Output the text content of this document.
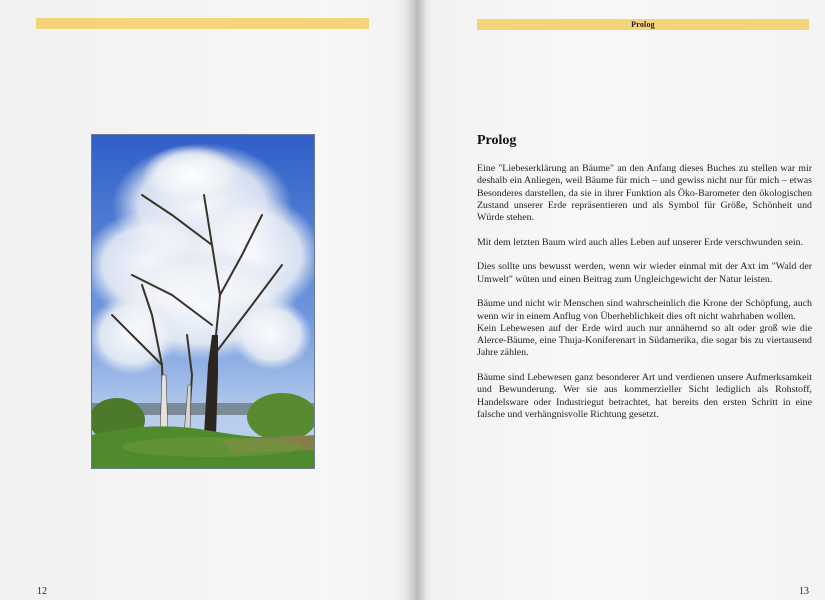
12
Prolog
Prolog

Eine "Liebeserklärung an Bäume" an den Anfang dieses Buches zu stellen war mir deshalb ein Anliegen, weil Bäume für mich – und gewiss nicht nur für mich – etwas Besonderes darstellen, da sie in ihrer Funktion als Öko-Barometer den ökologischen Zustand unserer Erde repräsentieren und als Symbol für Größe, Schönheit und Würde stehen.

Mit dem letzten Baum wird auch alles Leben auf unserer Erde verschwunden sein.

Dies sollte uns bewusst werden, wenn wir wieder einmal mit der Axt im "Wald der Umwelt" wüten und einen Beitrag zum Ungleichgewicht der Natur leisten.

Bäume und nicht wir Menschen sind wahrscheinlich die Krone der Schöpfung, auch wenn wir in einem Anflug von Überheblichkeit dies oft nicht wahrhaben wollen.

Kein Lebewesen auf der Erde wird auch nur annähernd so alt oder groß wie die Alerce-Bäume, eine Thuja-Koniferenart in Südamerika, die sogar bis zu viertausend Jahre zählen.

Bäume sind Lebewesen ganz besonderer Art und verdienen unsere Aufmerksamkeit und Bewunderung. Wer sie aus kommerzieller Sicht lediglich als Rohstoff, Handelsware oder Industriegut betrachtet, hat bereits den ersten Schritt in eine falsche und verhängnisvolle Richtung gesetzt.

13
